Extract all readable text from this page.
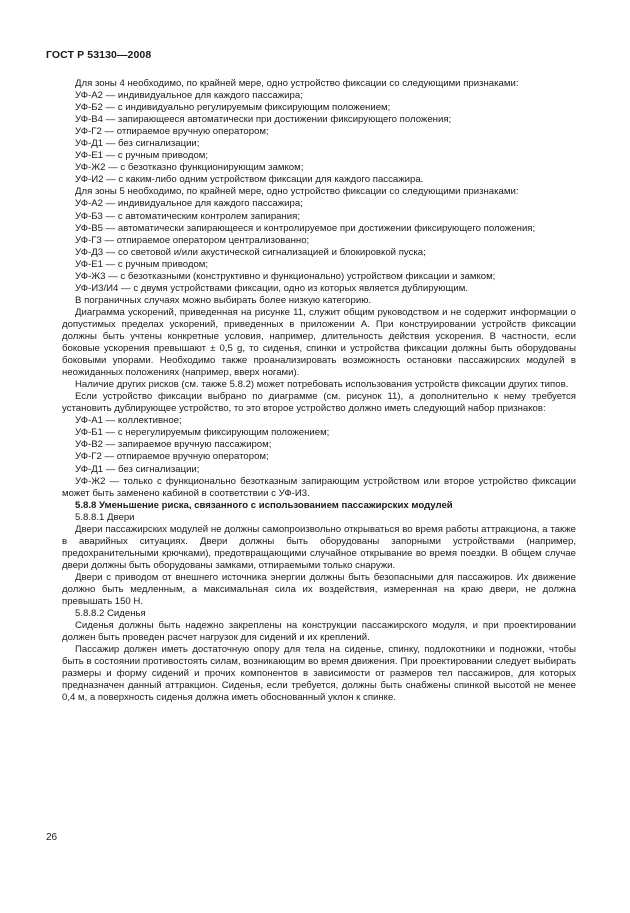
ГОСТ Р 53130—2008

Для зоны 4 необходимо, по крайней мере, одно устройство фиксации со следующими признаками:

УФ-А2 — индивидуальное для каждого пассажира;

УФ-Б2 — с индивидуально регулируемым фиксирующим положением;

УФ-В4 — запирающееся автоматически при достижении фиксирующего положения;

УФ-Г2 — отпираемое вручную оператором;

УФ-Д1 — без сигнализации;

УФ-Е1 — с ручным приводом;

УФ-Ж2 — с безотказно функционирующим замком;

УФ-И2 — с каким-либо одним устройством фиксации для каждого пассажира.

Для зоны 5 необходимо, по крайней мере, одно устройство фиксации со следующими признаками:

УФ-А2 — индивидуальное для каждого пассажира;

УФ-Б3 — с автоматическим контролем запирания;

УФ-В5 — автоматически запирающееся и контролируемое при достижении фиксирующего положения;

УФ-Г3 — отпираемое оператором централизованно;

УФ-Д3 — со световой и/или акустической сигнализацией и блокировкой пуска;

УФ-Е1 — с ручным приводом;

УФ-Ж3 — с безотказными (конструктивно и функционально) устройством фиксации и замком;

УФ-И3/И4 — с двумя устройствами фиксации, одно из которых является дублирующим.

В пограничных случаях можно выбирать более низкую категорию.

Диаграмма ускорений, приведенная на рисунке 11, служит общим руководством и не содержит информации о допустимых пределах ускорений, приведенных в приложении А. При конструировании устройств фиксации должны быть учтены конкретные условия, например, длительность действия ускорения. В частности, если боковые ускорения превышают ± 0,5 g, то сиденья, спинки и устройства фиксации должны быть оборудованы боковыми упорами. Необходимо также проанализировать возможность остановки пассажирских модулей в неожиданных положениях (например, вверх ногами).

Наличие других рисков (см. также 5.8.2) может потребовать использования устройств фиксации других типов.

Если устройство фиксации выбрано по диаграмме (см. рисунок 11), а дополнительно к нему требуется установить дублирующее устройство, то это второе устройство должно иметь следующий набор признаков:

УФ-А1 — коллективное;

УФ-Б1 — с нерегулируемым фиксирующим положением;

УФ-В2 — запираемое вручную пассажиром;

УФ-Г2 — отпираемое вручную оператором;

УФ-Д1 — без сигнализации;

УФ-Ж2 — только с функционально безотказным запирающим устройством или второе устройство фиксации может быть заменено кабиной в соответствии с УФ-И3.

5.8.8 Уменьшение риска, связанного с использованием пассажирских модулей

5.8.8.1 Двери

Двери пассажирских модулей не должны самопроизвольно открываться во время работы аттракциона, а также в аварийных ситуациях. Двери должны быть оборудованы запорными устройствами (например, предохранительными крючками), предотвращающими случайное открывание во время поездки. В общем случае двери должны быть оборудованы замками, отпираемыми только снаружи.

Двери с приводом от внешнего источника энергии должны быть безопасными для пассажиров. Их движение должно быть медленным, а максимальная сила их воздействия, измеренная на краю двери, не должна превышать 150 Н.

5.8.8.2 Сиденья

Сиденья должны быть надежно закреплены на конструкции пассажирского модуля, и при проектировании должен быть проведен расчет нагрузок для сидений и их креплений.

Пассажир должен иметь достаточную опору для тела на сиденье, спинку, подлокотники и подножки, чтобы быть в состоянии противостоять силам, возникающим во время движения. При проектировании следует выбирать размеры и форму сидений и прочих компонентов в зависимости от размеров тел пассажиров, для которых предназначен данный аттракцион. Сиденья, если требуется, должны быть снабжены спинкой высотой не менее 0,4 м, а поверхность сиденья должна иметь обоснованный уклон к спинке.

26
